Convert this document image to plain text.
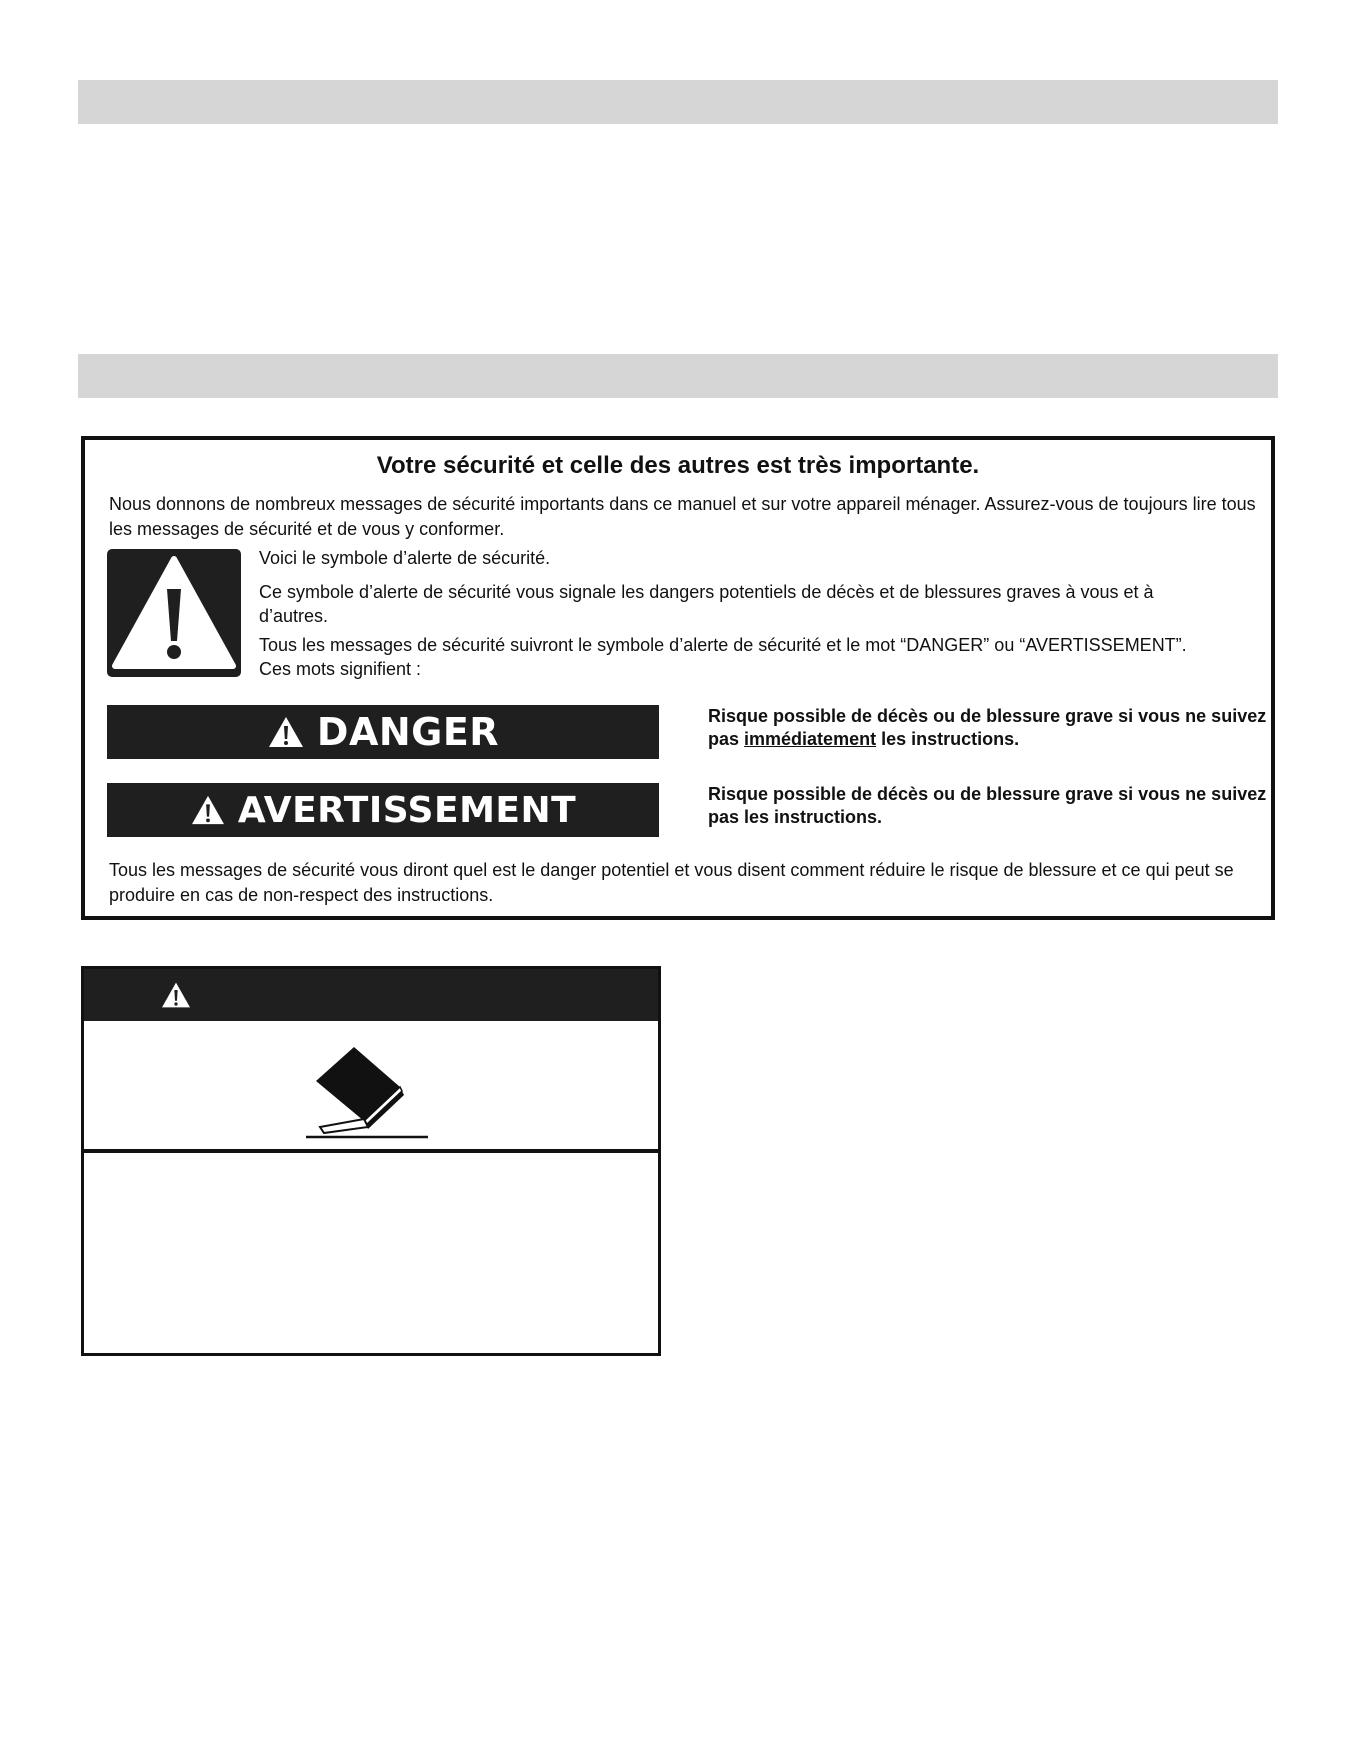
Votre sécurité et celle des autres est très importante.

Nous donnons de nombreux messages de sécurité importants dans ce manuel et sur votre appareil ménager. Assurez-vous de toujours lire tous les messages de sécurité et de vous y conformer.

Voici le symbole d’alerte de sécurité.

Ce symbole d’alerte de sécurité vous signale les dangers potentiels de décès et de blessures graves à vous et à d’autres.

Tous les messages de sécurité suivront le symbole d’alerte de sécurité et le mot “DANGER” ou “AVERTISSEMENT”. Ces mots signifient :

DANGER	Risque possible de décès ou de blessure grave si vous ne suivez pas immédiatement les instructions.

AVERTISSEMENT	Risque possible de décès ou de blessure grave si vous ne suivez pas les instructions.

Tous les messages de sécurité vous diront quel est le danger potentiel et vous disent comment réduire le risque de blessure et ce qui peut se produire en cas de non-respect des instructions.
